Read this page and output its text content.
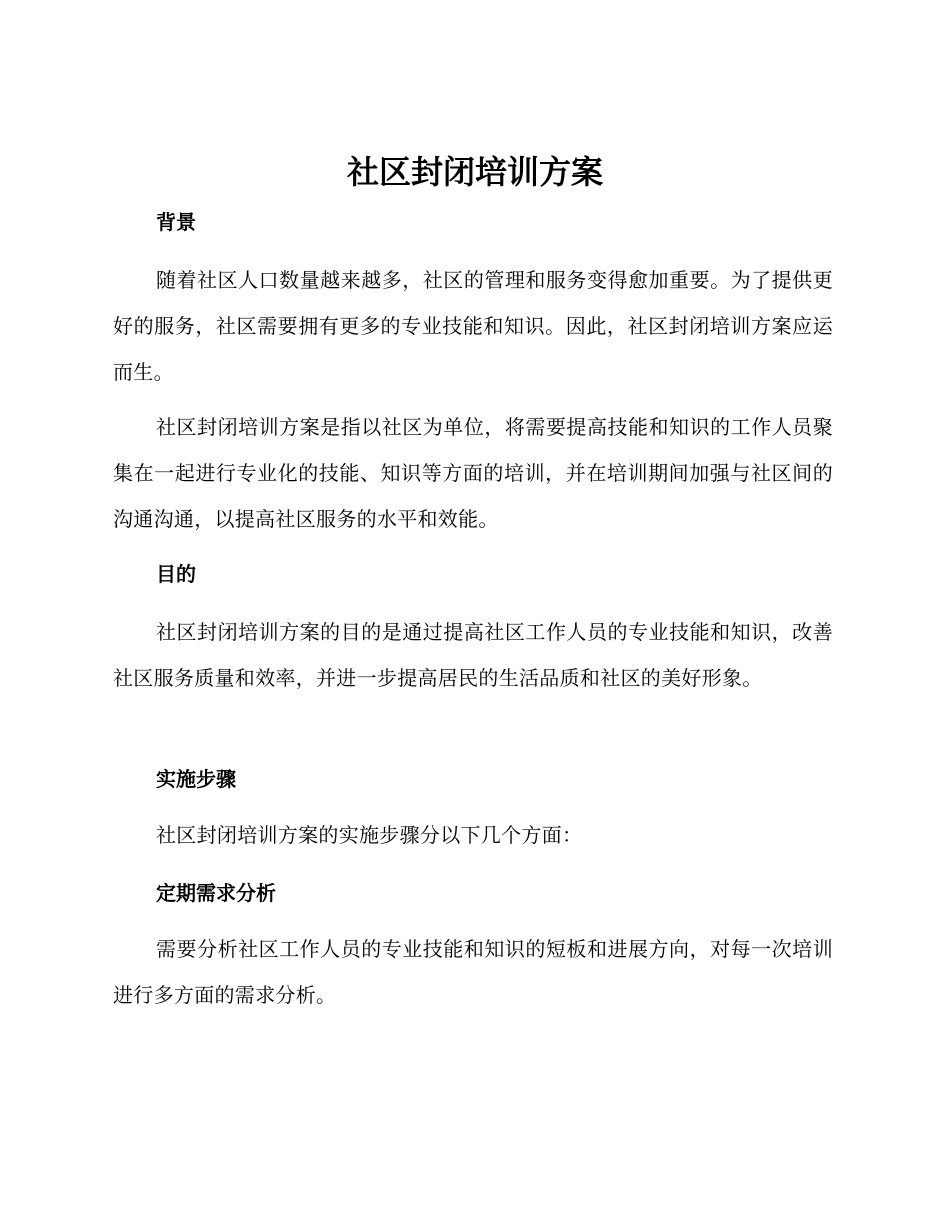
社区封闭培训方案
背景

随着社区人口数量越来越多，社区的管理和服务变得愈加重要。为了提供更好的服务，社区需要拥有更多的专业技能和知识。因此，社区封闭培训方案应运而生。

社区封闭培训方案是指以社区为单位，将需要提高技能和知识的工作人员聚集在一起进行专业化的技能、知识等方面的培训，并在培训期间加强与社区间的沟通沟通，以提高社区服务的水平和效能。

目的

社区封闭培训方案的目的是通过提高社区工作人员的专业技能和知识，改善社区服务质量和效率，并进一步提高居民的生活品质和社区的美好形象。

实施步骤

社区封闭培训方案的实施步骤分以下几个方面：

定期需求分析

需要分析社区工作人员的专业技能和知识的短板和进展方向，对每一次培训进行多方面的需求分析。
